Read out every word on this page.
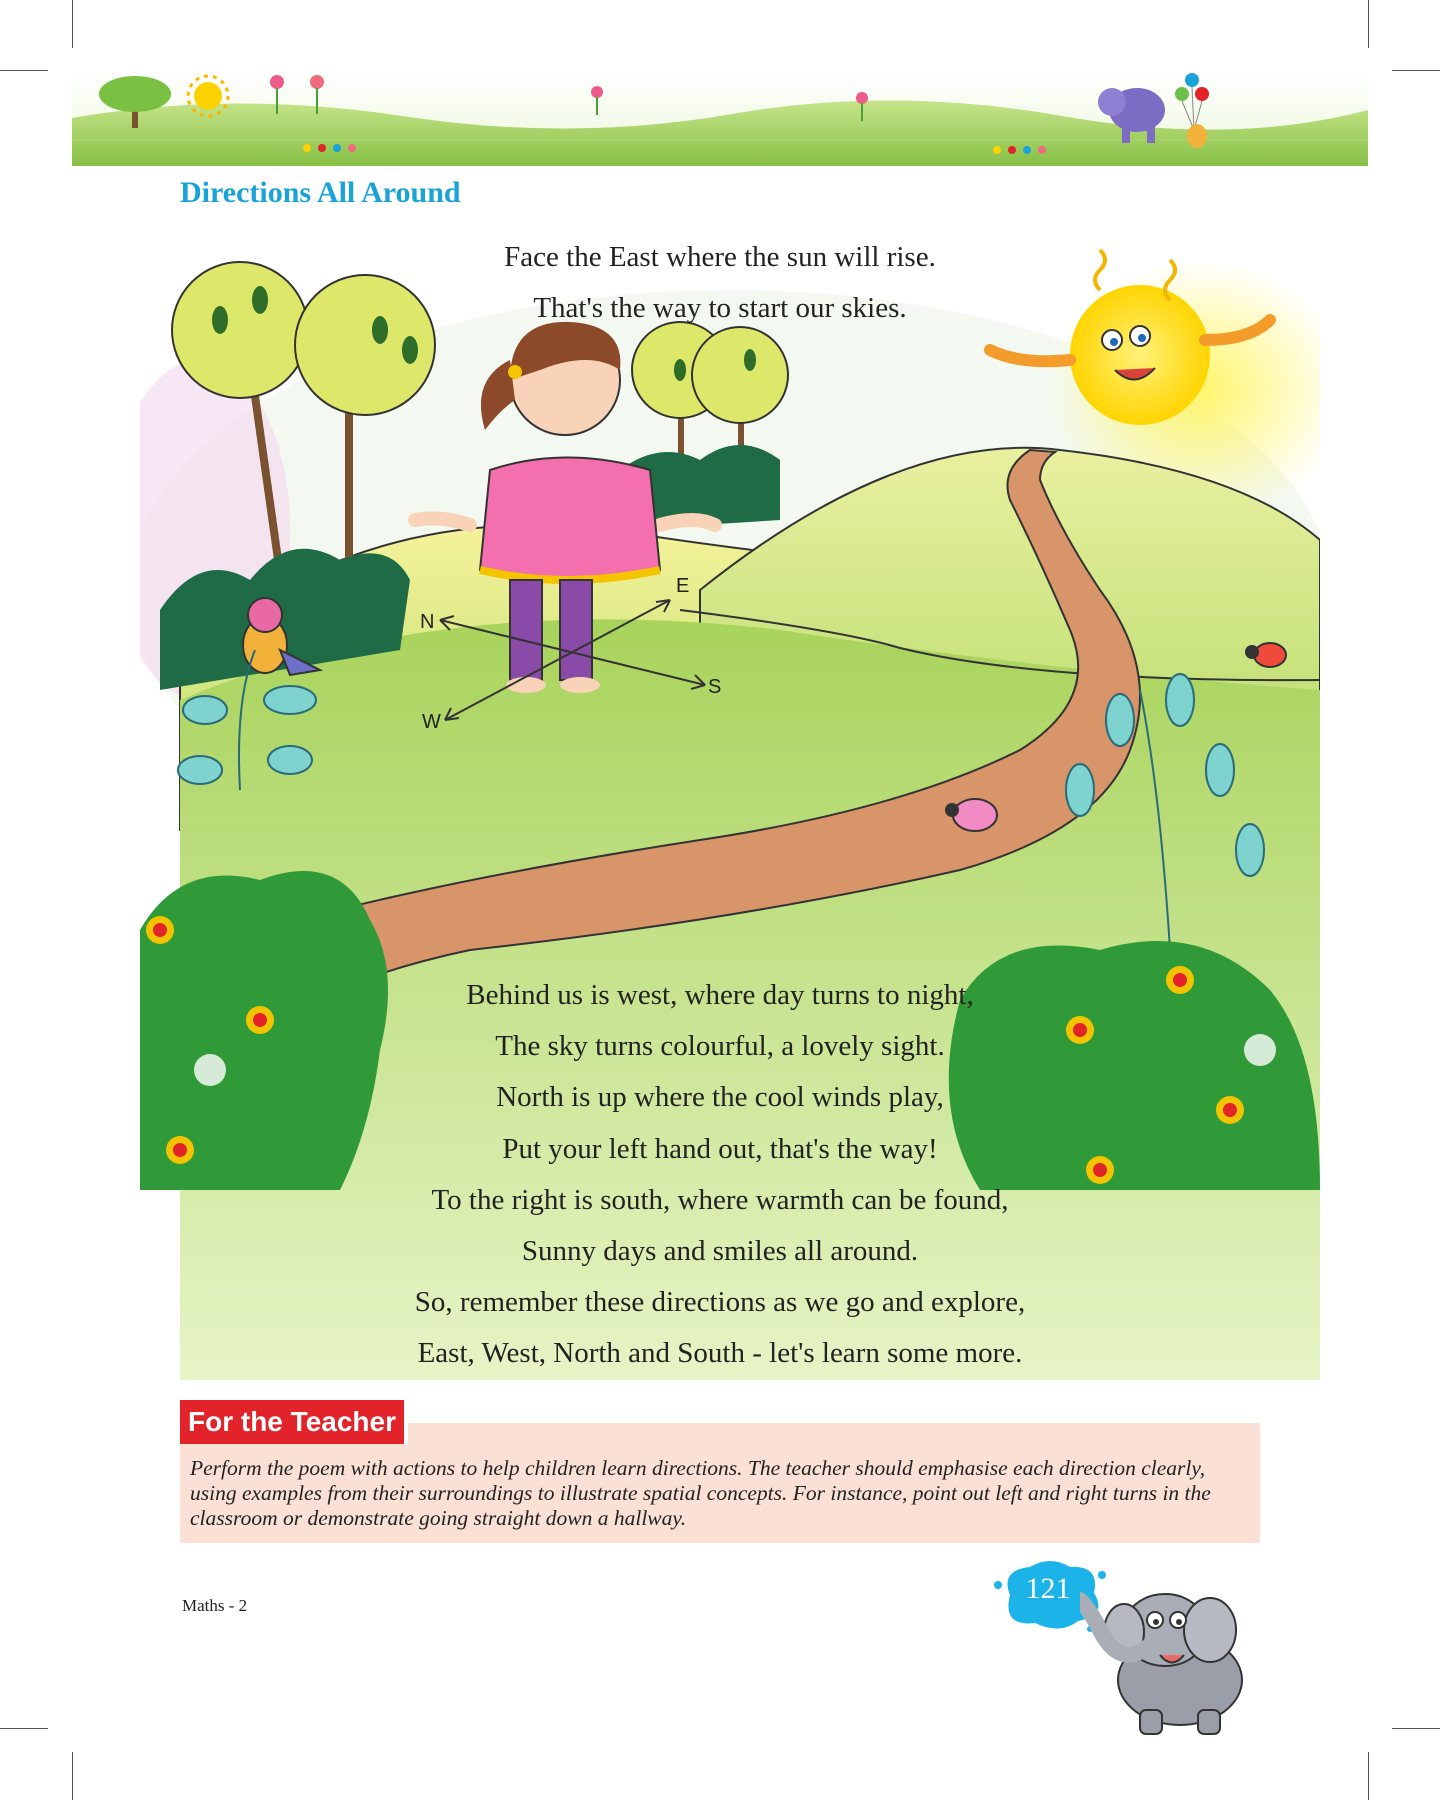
Directions All Around
E
N
S
W
Face the East where the sun will rise.
That's the way to start our skies.
Behind us is west, where day turns to night,
The sky turns colourful, a lovely sight.
North is up where the cool winds play,
Put your left hand out, that's the way!
To the right is south, where warmth can be found,
Sunny days and smiles all around.
So, remember these directions as we go and explore,
East, West, North and South - let's learn some more.
For the Teacher
Perform the poem with actions to help children learn directions. The teacher should emphasise each direction clearly, using examples from their surroundings to illustrate spatial concepts. For instance, point out left and right turns in the classroom or demonstrate going straight down a hallway.
Maths - 2
121
